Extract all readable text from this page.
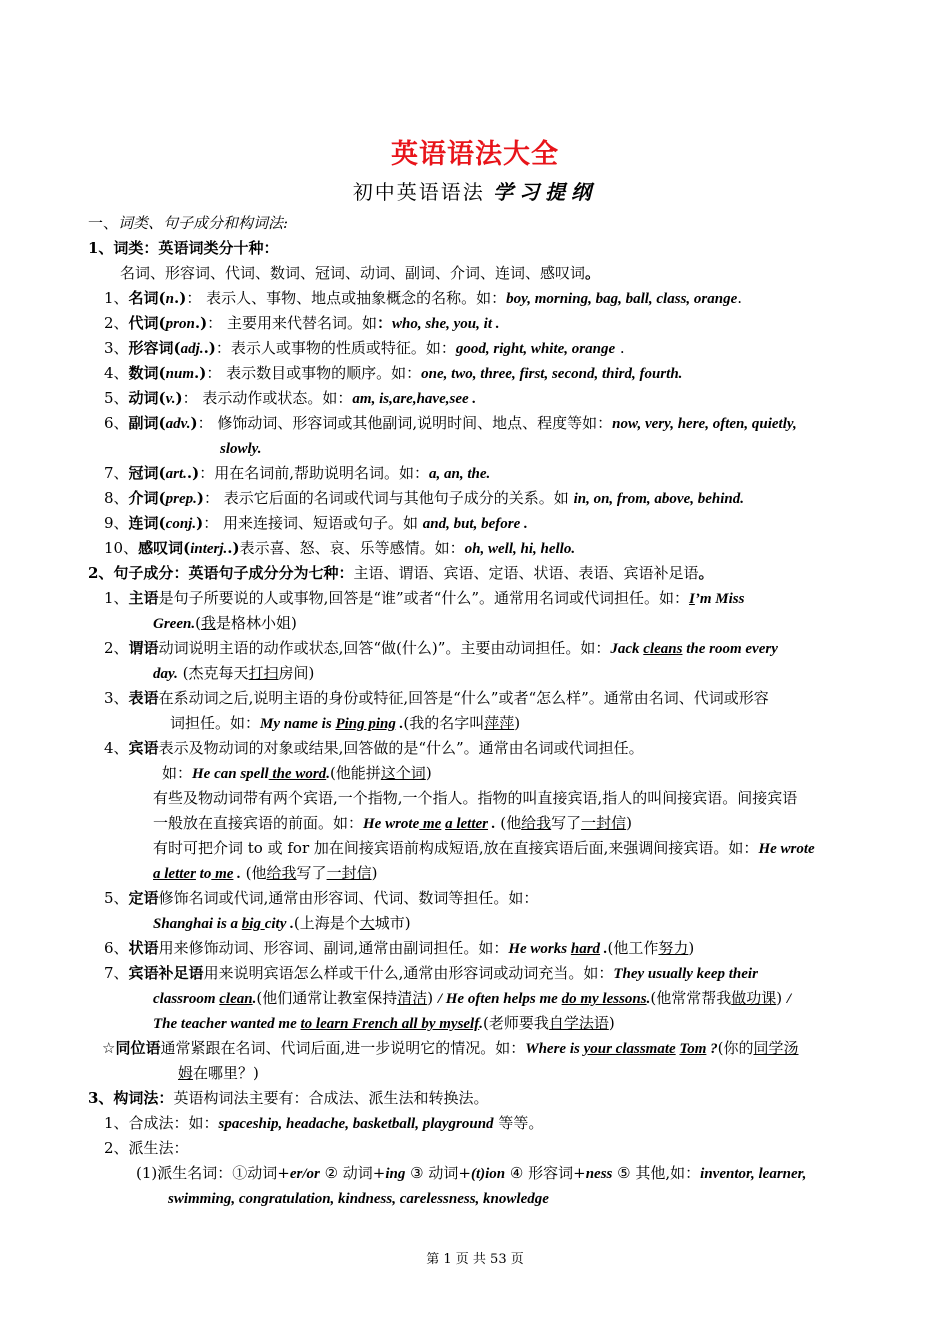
英语语法大全
初中英语语法 学习提纲
一、词类、句子成分和构词法:
1、词类：英语词类分十种：
名词、形容词、代词、数词、冠词、动词、副词、介词、连词、感叹词。
1、名词(n.)： 表示人、事物、地点或抽象概念的名称。如：boy, morning, bag, ball, class, orange.
2、代词(pron.)： 主要用来代替名词。如：who, she, you, it .
3、形容词(adj..)：表示人或事物的性质或特征。如：good, right, white, orange .
4、数词(num.)： 表示数目或事物的顺序。如：one, two, three, first, second, third, fourth.
5、动词(v.)： 表示动作或状态。如：am, is,are,have,see .
6、副词(adv.)： 修饰动词、形容词或其他副词,说明时间、地点、程度等如：now, very, here, often, quietly,
slowly.
7、冠词(art..)：用在名词前,帮助说明名词。如：a, an, the.
8、介词(prep.)： 表示它后面的名词或代词与其他句子成分的关系。如 in, on, from, above, behind.
9、连词(conj.)： 用来连接词、短语或句子。如 and, but, before .
10、感叹词(interj..)表示喜、怒、哀、乐等感情。如：oh, well, hi, hello.
2、句子成分：英语句子成分分为七种：主语、谓语、宾语、定语、状语、表语、宾语补足语。
1、主语是句子所要说的人或事物,回答是“谁”或者“什么”。通常用名词或代词担任。如：I’m Miss
Green.(我是格林小姐)
2、谓语动词说明主语的动作或状态,回答“做(什么)”。主要由动词担任。如：Jack cleans the room every
day. (杰克每天打扫房间)
3、表语在系动词之后,说明主语的身份或特征,回答是“什么”或者“怎么样”。通常由名词、代词或形容
词担任。如：My name is Ping ping .(我的名字叫萍萍)
4、宾语表示及物动词的对象或结果,回答做的是“什么”。通常由名词或代词担任。
如：He can spell the word.(他能拼这个词)
有些及物动词带有两个宾语,一个指物,一个指人。指物的叫直接宾语,指人的叫间接宾语。间接宾语
一般放在直接宾语的前面。如：He wrote me a letter . (他给我写了一封信)
有时可把介词 to 或 for 加在间接宾语前构成短语,放在直接宾语后面,来强调间接宾语。如：He wrote
a letter to me . (他给我写了一封信)
5、定语修饰名词或代词,通常由形容词、代词、数词等担任。如：
Shanghai is a big city .(上海是个大城市)
6、状语用来修饰动词、形容词、副词,通常由副词担任。如：He works hard .(他工作努力)
7、宾语补足语用来说明宾语怎么样或干什么,通常由形容词或动词充当。如：They usually keep their
classroom clean.(他们通常让教室保持清洁) / He often helps me do my lessons.(他常常帮我做功课) /
The teacher wanted me to learn French all by myself.(老师要我自学法语)
☆同位语通常紧跟在名词、代词后面,进一步说明它的情况。如：Where is your classmate Tom ?(你的同学汤
姆在哪里？)
3、构词法：英语构词法主要有：合成法、派生法和转换法。
1、合成法：如：spaceship, headache, basketball, playground 等等。
2、派生法：
(1)派生名词：①动词+er/or ② 动词+ing ③ 动词+(t)ion ④ 形容词+ness ⑤ 其他,如：inventor, learner,
swimming, congratulation, kindness, carelessness, knowledge
第 1 页 共 53 页
